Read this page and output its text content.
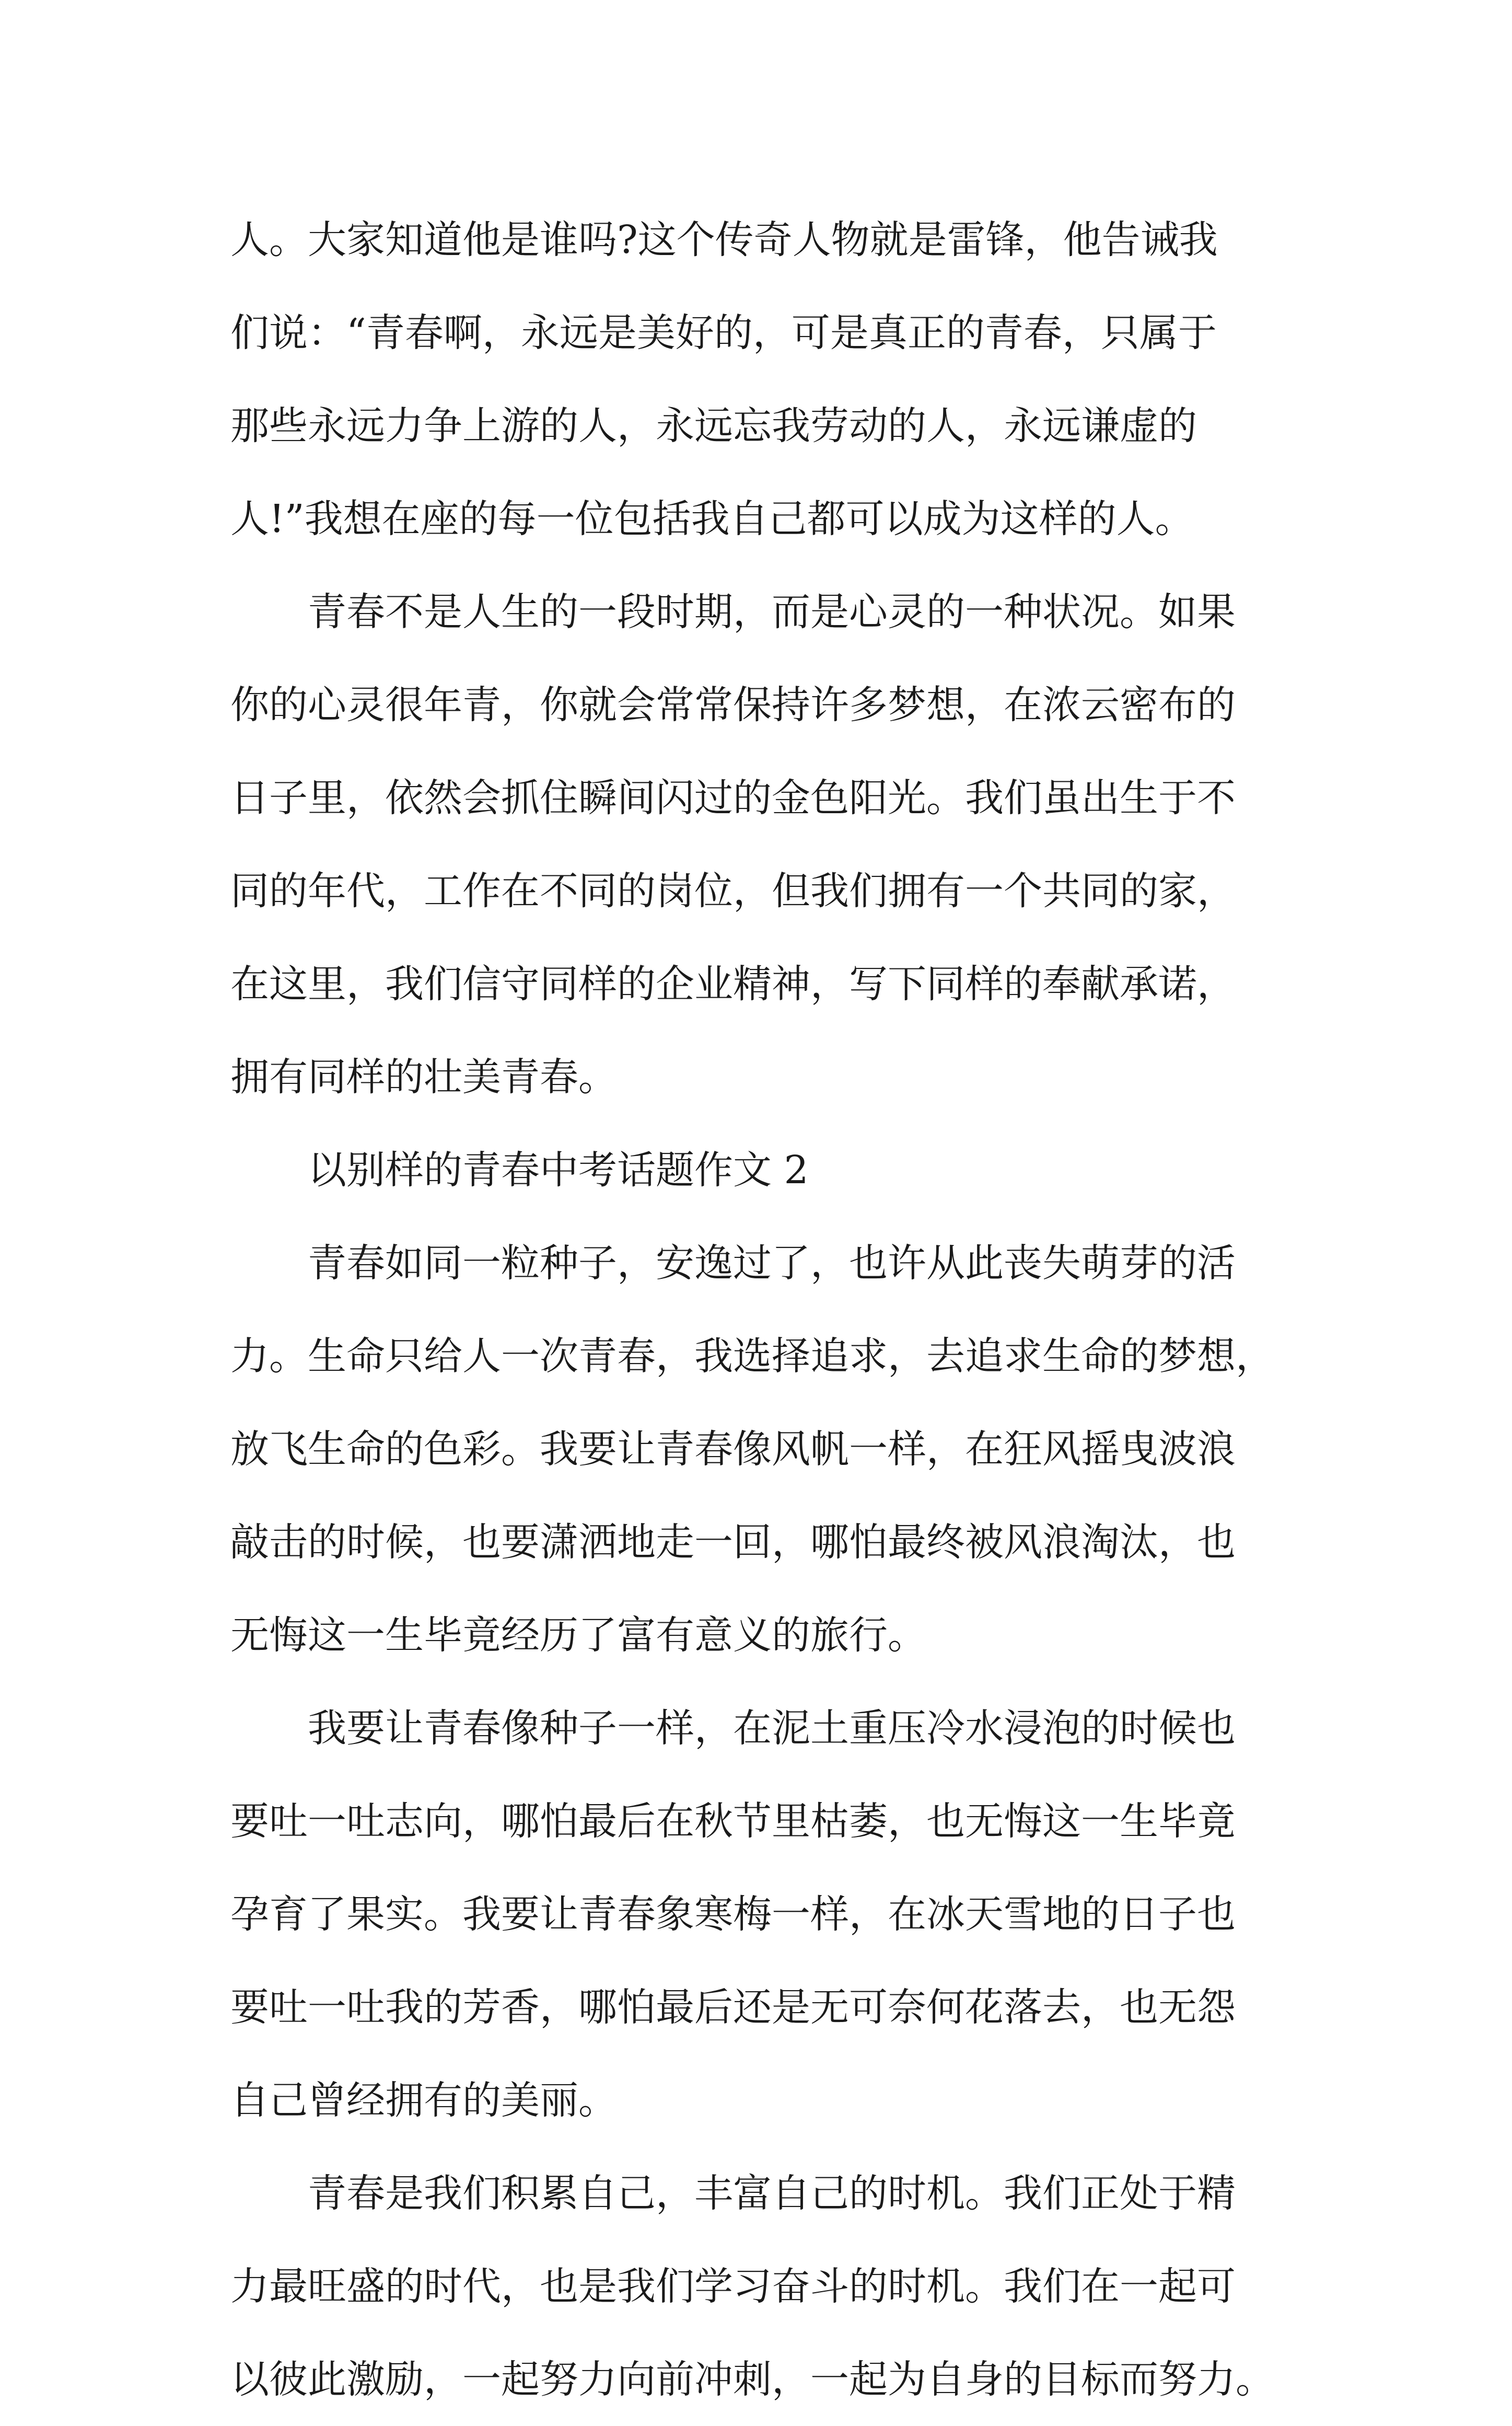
人。大家知道他是谁吗?这个传奇人物就是雷锋，他告诫我
们说：“青春啊，永远是美好的，可是真正的青春，只属于
那些永远力争上游的人，永远忘我劳动的人，永远谦虚的
人!”我想在座的每一位包括我自己都可以成为这样的人。
青春不是人生的一段时期，而是心灵的一种状况。如果
你的心灵很年青，你就会常常保持许多梦想，在浓云密布的
日子里，依然会抓住瞬间闪过的金色阳光。我们虽出生于不
同的年代，工作在不同的岗位，但我们拥有一个共同的家，
在这里，我们信守同样的企业精神，写下同样的奉献承诺，
拥有同样的壮美青春。
以别样的青春中考话题作文 2
青春如同一粒种子，安逸过了，也许从此丧失萌芽的活
力。生命只给人一次青春，我选择追求，去追求生命的梦想，
放飞生命的色彩。我要让青春像风帆一样，在狂风摇曳波浪
敲击的时候，也要潇洒地走一回，哪怕最终被风浪淘汰，也
无悔这一生毕竟经历了富有意义的旅行。
我要让青春像种子一样，在泥土重压冷水浸泡的时候也
要吐一吐志向，哪怕最后在秋节里枯萎，也无悔这一生毕竟
孕育了果实。我要让青春象寒梅一样，在冰天雪地的日子也
要吐一吐我的芳香，哪怕最后还是无可奈何花落去，也无怨
自己曾经拥有的美丽。
青春是我们积累自己，丰富自己的时机。我们正处于精
力最旺盛的时代，也是我们学习奋斗的时机。我们在一起可
以彼此激励，一起努力向前冲刺，一起为自身的目标而努力。
